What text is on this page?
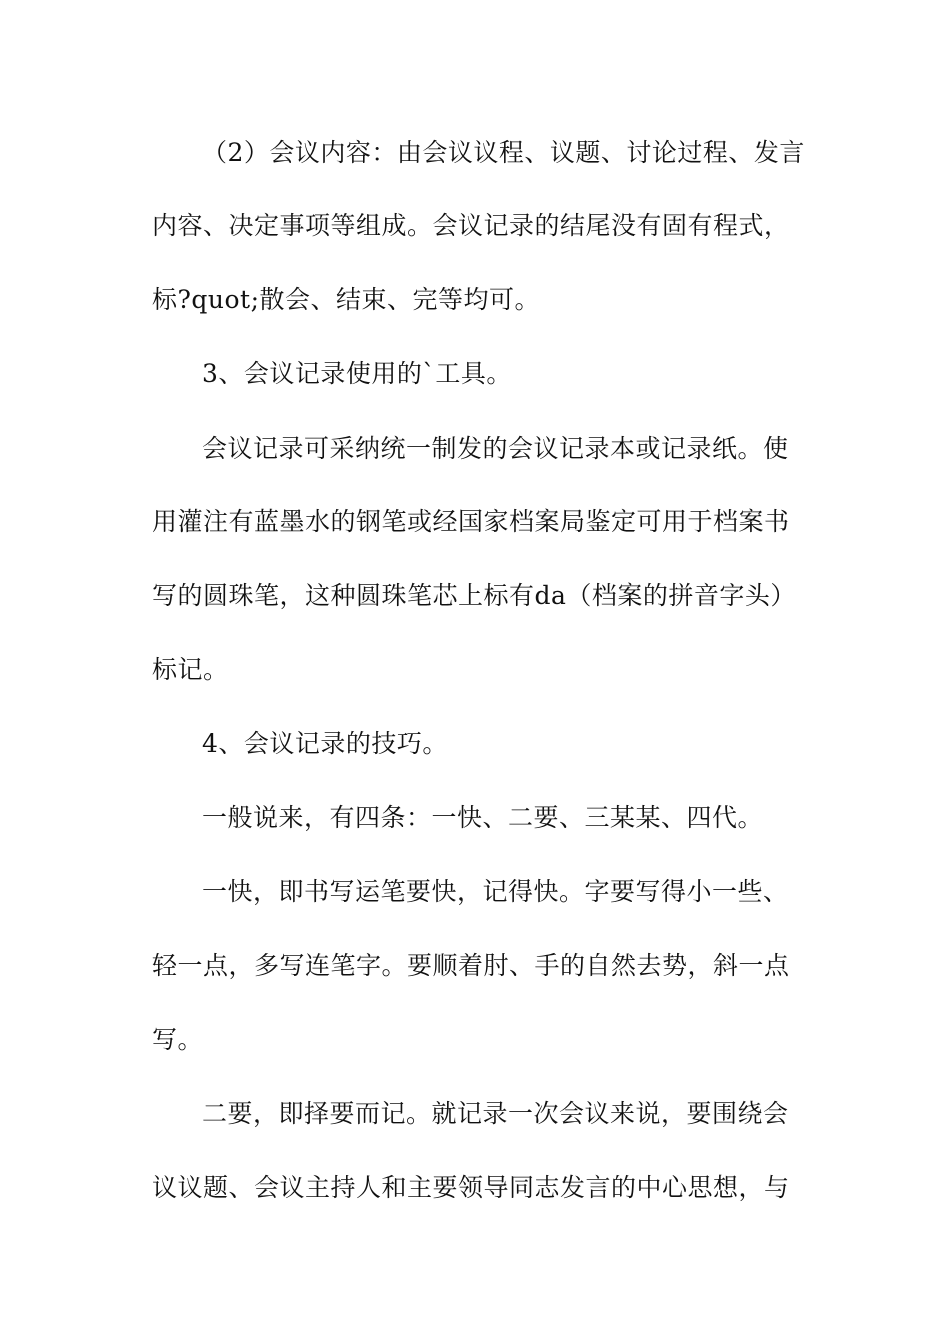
（2）会议内容：由会议议程、议题、讨论过程、发言
内容、决定事项等组成。会议记录的结尾没有固有程式，
标?quot;散会、结束、完等均可。
3、会议记录使用的`工具。
会议记录可采纳统一制发的会议记录本或记录纸。使
用灌注有蓝墨水的钢笔或经国家档案局鉴定可用于档案书
写的圆珠笔，这种圆珠笔芯上标有da（档案的拼音字头）
标记。
4、会议记录的技巧。
一般说来，有四条：一快、二要、三某某、四代。
一快，即书写运笔要快，记得快。字要写得小一些、
轻一点，多写连笔字。要顺着肘、手的自然去势，斜一点
写。
二要，即择要而记。就记录一次会议来说，要围绕会
议议题、会议主持人和主要领导同志发言的中心思想，与
